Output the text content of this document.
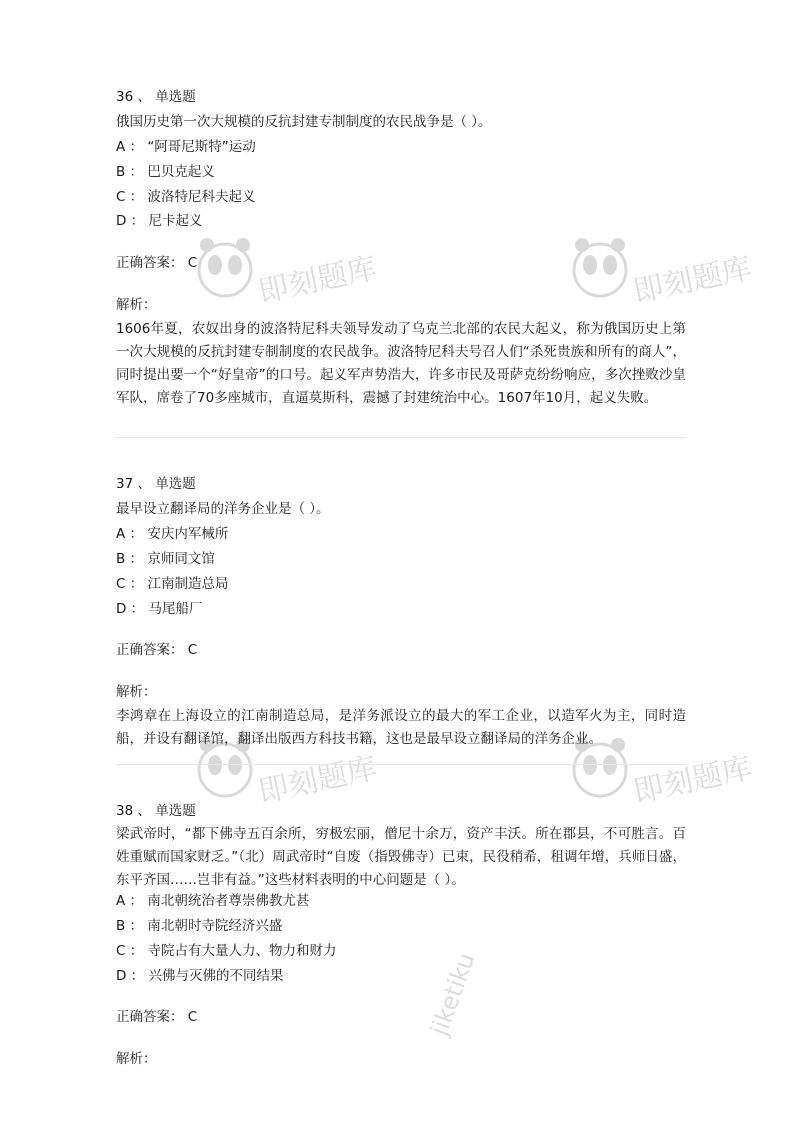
即刻题库	即刻题库
即刻题库	即刻题库
jiketiku
36 、 单选题
俄国历史第一次大规模的反抗封建专制制度的农民战争是（ ）。
A ： “阿哥尼斯特”运动
B ： 巴贝克起义
C ： 波洛特尼科夫起义
D ： 尼卡起义
正确答案： C
解析：
1606年夏，农奴出身的波洛特尼科夫领导发动了乌克兰北部的农民大起义，称为俄国历史上第一次大规模的反抗封建专制制度的农民战争。波洛特尼科夫号召人们“杀死贵族和所有的商人”，同时提出要一个“好皇帝”的口号。起义军声势浩大，许多市民及哥萨克纷纷响应，多次挫败沙皇军队，席卷了70多座城市，直逼莫斯科，震撼了封建统治中心。1607年10月，起义失败。
37 、 单选题
最早设立翻译局的洋务企业是（ ）。
A ： 安庆内军械所
B ： 京师同文馆
C ： 江南制造总局
D ： 马尾船厂
正确答案： C
解析：
李鸿章在上海设立的江南制造总局，是洋务派设立的最大的军工企业，以造军火为主，同时造船，并设有翻译馆，翻译出版西方科技书籍，这也是最早设立翻译局的洋务企业。
38 、 单选题
梁武帝时，“都下佛寺五百余所，穷极宏丽，僧尼十余万，资产丰沃。所在郡县，不可胜言。百姓重赋而国家财乏。”（北）周武帝时“自废（指毁佛寺）已束，民役稍希，租调年增，兵师日盛，东平齐国……岂非有益。”这些材料表明的中心问题是（ ）。
A ： 南北朝统治者尊崇佛教尤甚
B ： 南北朝时寺院经济兴盛
C ： 寺院占有大量人力、物力和财力
D ： 兴佛与灭佛的不同结果
正确答案： C
解析：
